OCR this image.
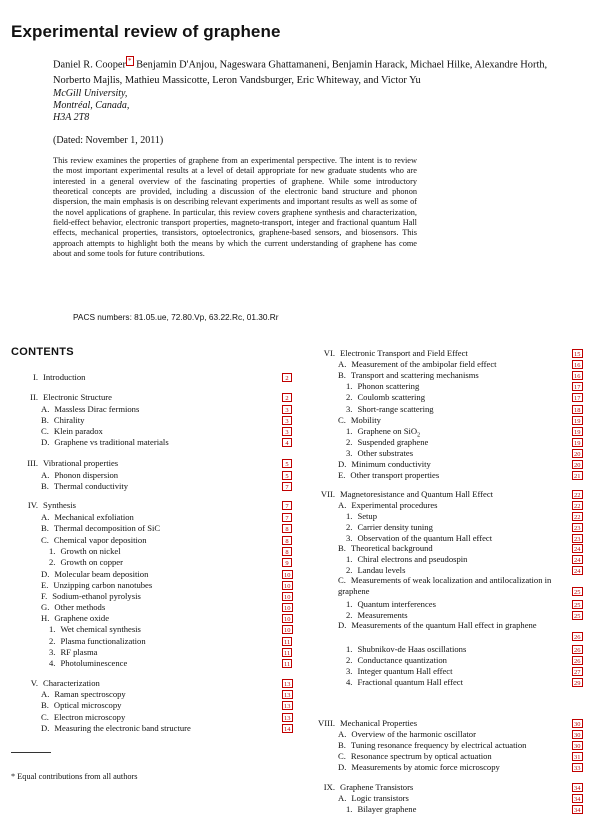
Experimental review of graphene
Daniel R. Cooper * Benjamin D'Anjou, Nageswara Ghattamaneni, Benjamin Harack, Michael Hilke, Alexandre Horth, Norberto Majlis, Mathieu Massicotte, Leron Vandsburger, Eric Whiteway, and Victor Yu
McGill University,
Montréal, Canada,
H3A 2T8
(Dated: November 1, 2011)

This review examines the properties of graphene from an experimental perspective. The intent is to review the most important experimental results at a level of detail appropriate for new graduate students who are interested in a general overview of the fascinating properties of graphene. While some introductory theoretical concepts are provided, including a discussion of the electronic band structure and phonon dispersion, the main emphasis is on describing relevant experiments and important results as well as some of the novel applications of graphene. In particular, this review covers graphene synthesis and characterization, field-effect behavior, electronic transport properties, magneto-transport, integer and fractional quantum Hall effects, mechanical properties, transistors, optoelectronics, graphene-based sensors, and biosensors. This approach attempts to highlight both the means by which the current understanding of graphene has come about and some tools for future contributions.

PACS numbers: 81.05.ue, 72.80.Vp, 63.22.Rc, 01.30.Rr
CONTENTS
I. Introduction	2
II. Electronic Structure	2
A. Massless Dirac fermions	3
B. Chirality	3
C. Klein paradox	3
D. Graphene vs traditional materials	4
III. Vibrational properties	5
A. Phonon dispersion	5
B. Thermal conductivity	7
IV. Synthesis	7
A. Mechanical exfoliation	7
B. Thermal decomposition of SiC	8
C. Chemical vapor deposition	8
1. Growth on nickel	8
2. Growth on copper	9
D. Molecular beam deposition	10
E. Unzipping carbon nanotubes	10
F. Sodium-ethanol pyrolysis	10
G. Other methods	10
H. Graphene oxide	10
1. Wet chemical synthesis	10
2. Plasma functionalization	11
3. RF plasma	11
4. Photoluminescence	11
V. Characterization	13
A. Raman spectroscopy	13
B. Optical microscopy	13
C. Electron microscopy	13
D. Measuring the electronic band structure	14
VI. Electronic Transport and Field Effect	15
A. Measurement of the ambipolar field effect	16
B. Transport and scattering mechanisms	16
1. Phonon scattering	17
2. Coulomb scattering	17
3. Short-range scattering	18
C. Mobility	19
1. Graphene on SiO$_2$	19
2. Suspended graphene	19
3. Other substrates	20
D. Minimum conductivity	20
E. Other transport properties	21
VII. Magnetoresistance and Quantum Hall Effect	22
A. Experimental procedures	22
1. Setup	22
2. Carrier density tuning	23
3. Observation of the quantum Hall effect	23
B. Theoretical background	24
1. Chiral electrons and pseudospin	24
2. Landau levels	24
C. Measurements of weak localization and antilocalization in graphene	25
1. Quantum interferences	25
2. Measurements	25
D. Measurements of the quantum Hall effect in graphene
26
1. Shubnikov-de Haas oscillations	26
2. Conductance quantization	26
3. Integer quantum Hall effect	27
4. Fractional quantum Hall effect	29
VIII. Mechanical Properties	30
A. Overview of the harmonic oscillator	30
B. Tuning resonance frequency by electrical actuation	30
C. Resonance spectrum by optical actuation	31
D. Measurements by atomic force microscopy	33
IX. Graphene Transistors	34
A. Logic transistors	34
1. Bilayer graphene	34
* Equal contributions from all authors
